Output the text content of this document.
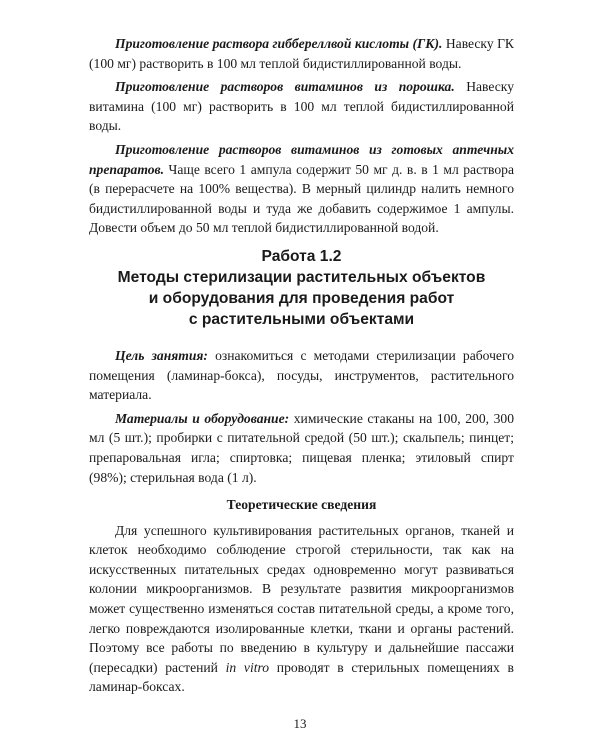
Приготовление раствора гиббереллвой кислоты (ГК). Навеску ГК (100 мг) растворить в 100 мл теплой бидистиллированной воды.

Приготовление растворов витаминов из порошка. Навеску витамина (100 мг) растворить в 100 мл теплой бидистиллированной воды.

Приготовление растворов витаминов из готовых аптечных препаратов. Чаще всего 1 ампула содержит 50 мг д. в. в 1 мл раствора (в перерасчете на 100% вещества). В мерный цилиндр налить немного бидистиллированной воды и туда же добавить содержимое 1 ампулы. Довести объем до 50 мл теплой бидистиллированной водой.

Работа 1.2
Методы стерилизации растительных объектов
и оборудования для проведения работ
с растительными объектами

Цель занятия: ознакомиться с методами стерилизации рабочего помещения (ламинар-бокса), посуды, инструментов, растительного материала.

Материалы и оборудование: химические стаканы на 100, 200, 300 мл (5 шт.); пробирки с питательной средой (50 шт.); скальпель; пинцет; препаровальная игла; спиртовка; пищевая пленка; этиловый спирт (98%); стерильная вода (1 л).

Теоретические сведения

Для успешного культивирования растительных органов, тканей и клеток необходимо соблюдение строгой стерильности, так как на искусственных питательных средах одновременно могут развиваться колонии микроорганизмов. В результате развития микроорганизмов может существенно изменяться состав питательной среды, а кроме того, легко повреждаются изолированные клетки, ткани и органы растений. Поэтому все работы по введению в культуру и дальнейшие пассажи (пересадки) растений in vitro проводят в стерильных помещениях в ламинар-боксах.

13
